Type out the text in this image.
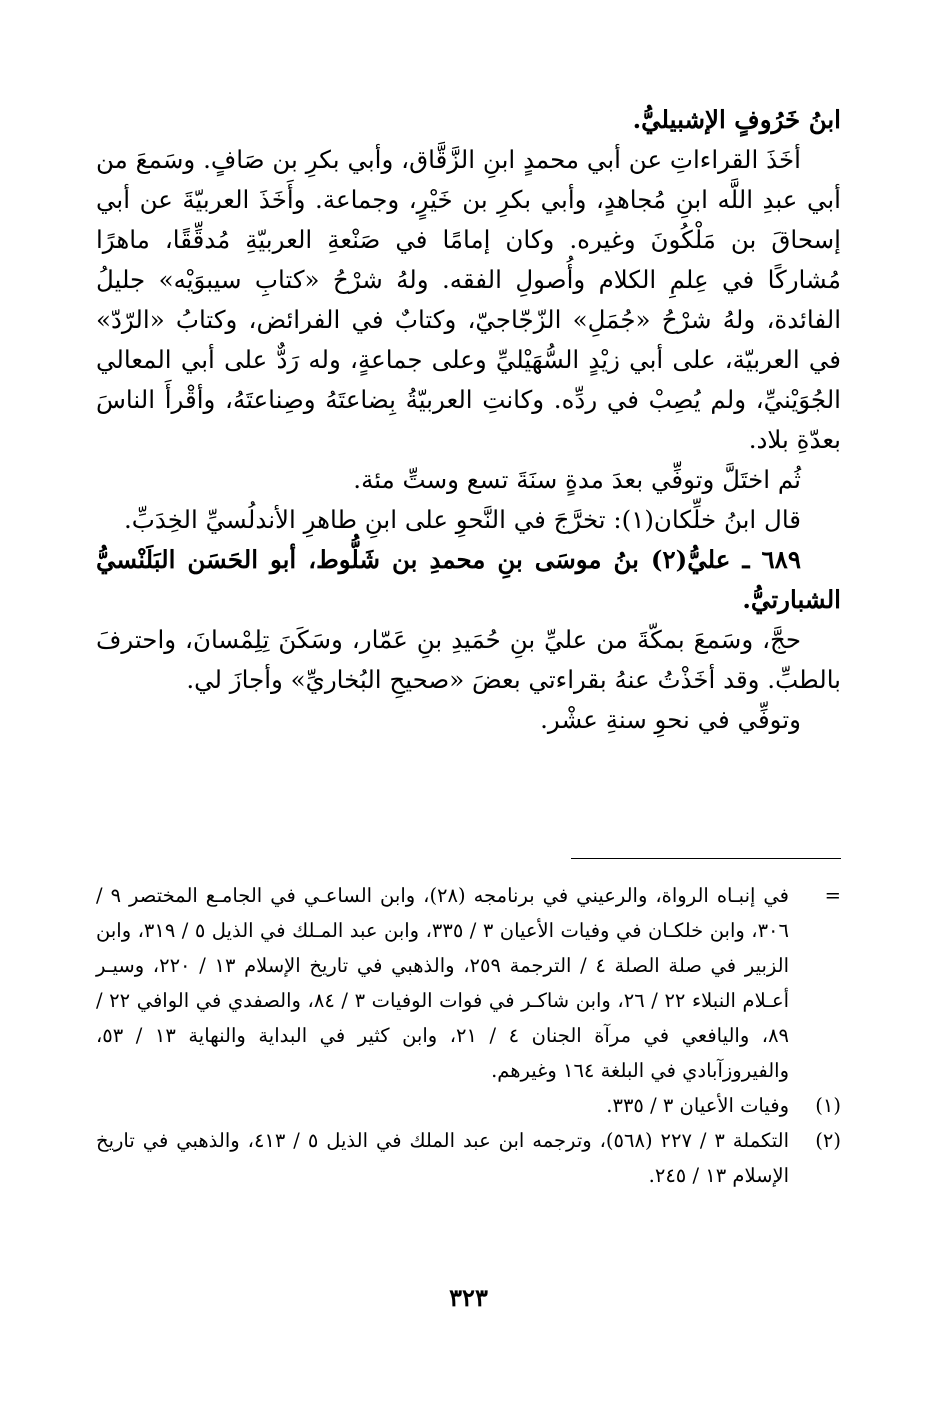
ابنُ خَرُوفٍ الإشبيليُّ.

أخَذَ القراءاتِ عن أبي محمدٍ ابنِ الزَّقَّاق، وأبي بكرِ بن صَافٍ. وسَمعَ من أبي عبدِ اللَّه ابنِ مُجاهدٍ، وأبي بكرِ بن خَيْرٍ، وجماعة. وأَخَذَ العربيّةَ عن أبي إسحاقَ بن مَلْكُونَ وغيره. وكان إمامًا في صَنْعةِ العربيّةِ مُدقِّقًا، ماهرًا مُشاركًا في عِلمِ الكلام وأُصولِ الفقه. ولهُ شرْحُ «كتابِ سيبوَيْه» جليلُ الفائدة، ولهُ شرْحُ «جُمَلِ» الزّجّاجيّ، وكتابٌ في الفرائض، وكتابُ «الرّدّ» في العربيّة، على أبي زيْدٍ السُّهَيْليِّ وعلى جماعةٍ، وله رَدٌّ على أبي المعالي الجُوَيْنيِّ، ولم يُصِبْ في ردِّه. وكانتِ العربيّةُ بِضاعتَهُ وصِناعتَهُ، وأقْرأَ الناسَ بعدّةِ بلاد.

ثُم اختَلَّ وتوفِّي بعدَ مدةٍ سنَةَ تسع وستِّ مئة.

قال ابنُ خلِّكان(١): تخرَّجَ في النَّحوِ على ابنِ طاهرِ الأندلُسيِّ الخِدَبِّ.

٦٨٩ ـ عليُّ(٢) بنُ موسَى بنِ محمدِ بن شَلُّوط، أبو الحَسَن البَلَنْسيُّ الشبارتيُّ.

حجَّ، وسَمعَ بمكّةَ من عليِّ بنِ حُمَيدِ بنِ عَمّار، وسَكَنَ تِلِمْسانَ، واحترفَ بالطبِّ. وقد أخَذْتُ عنهُ بقراءتي بعضَ «صحيحِ البُخاريِّ» وأجازَ لي.

وتوفِّي في نحوِ سنةِ عشْر.

=
في إنبـاه الرواة، والرعيني في برنامجه (٢٨)، وابن الساعـي في الجامـع المختصر ٩ / ٣٠٦، وابن خلكـان في وفيات الأعيان ٣ / ٣٣٥، وابن عبد المـلك في الذيل ٥ / ٣١٩، وابن الزبير في صلة الصلة ٤ / الترجمة ٢٥٩، والذهبي في تاريخ الإسلام ١٣ / ٢٢٠، وسيـر أعـلام النبلاء ٢٢ / ٢٦، وابن شاكـر في فوات الوفيات ٣ / ٨٤، والصفدي في الوافي ٢٢ / ٨٩، واليافعي في مرآة الجنان ٤ / ٢١، وابن كثير في البداية والنهاية ١٣ / ٥٣، والفيروزآبادي في البلغة ١٦٤ وغيرهم.
(١)
وفيات الأعيان ٣ / ٣٣٥.
(٢)
التكملة ٣ / ٢٢٧ (٥٦٨)، وترجمه ابن عبد الملك في الذيل ٥ / ٤١٣، والذهبي في تاريخ الإسلام ١٣ / ٢٤٥.
٣٢٣
